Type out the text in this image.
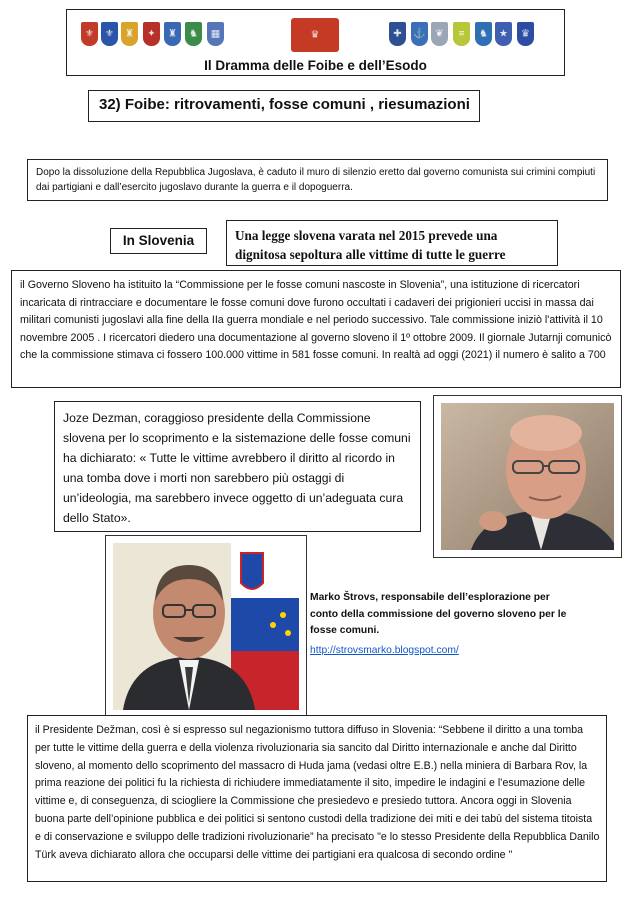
⚜ ⚜ ♜ ✦ ♜ ♞ ▦	♛	✚ ⚓ ❦ ≡ ♞ ★ ♛
Il Dramma delle Foibe e dell’Esodo
32) Foibe: ritrovamenti, fosse comuni , riesumazioni

Dopo la dissoluzione della Repubblica Jugoslava, è caduto il muro di silenzio eretto dal governo comunista sui crimini compiuti dai partigiani e dall’esercito jugoslavo durante la guerra e il dopoguerra.

In Slovenia	Una legge slovena varata nel 2015 prevede una dignitosa sepoltura alle vittime di tutte le guerre

il Governo Sloveno ha istituito la “Commissione per le fosse comuni nascoste in Slovenia”, una istituzione di ricercatori incaricata di rintracciare e documentare le fosse comuni dove furono occultati i cadaveri dei prigionieri uccisi in massa dai militari comunisti jugoslavi alla fine della IIa guerra mondiale e nel periodo successivo. Tale commissione iniziò l'attività il 10 novembre 2005 . I ricercatori diedero una documentazione al governo sloveno il 1º ottobre 2009. Il giornale Jutarnji comunicò che la commissione stimava ci fossero 100.000 vittime in 581 fosse comuni. In realtà ad oggi (2021) il numero è salito a 700

Joze Dezman, coraggioso presidente della Commissione slovena per lo scoprimento e la sistemazione delle fosse comuni ha dichiarato: « Tutte le vittime avrebbero il diritto al ricordo in una tomba dove i morti non sarebbero più ostaggi di un’ideologia, ma sarebbero invece oggetto di un’adeguata cura dello Stato».

Marko Štrovs, responsabile dell’esplorazione per conto della commissione del governo sloveno per le fosse comuni.

http://strovsmarko.blogspot.com/

il Presidente Dežman, così è si espresso sul negazionismo tuttora diffuso in Slovenia: “Sebbene il diritto a una tomba per tutte le vittime della guerra e della violenza rivoluzionaria sia sancito dal Diritto internazionale e anche dal Diritto sloveno, al momento dello scoprimento del massacro di Huda jama (vedasi oltre E.B.) nella miniera di Barbara Rov, la prima reazione dei politici fu la richiesta di richiudere immediatamente il sito, impedire le indagini e l’esumazione delle vittime e, di conseguenza, di sciogliere la Commissione che presiedevo e presiedo tuttora. Ancora oggi in Slovenia buona parte dell’opinione pubblica e dei politici si sentono custodi della tradizione dei miti e dei tabù del sistema titoista e di conservazione e sviluppo delle tradizioni rivoluzionarie” ha precisato "e lo stesso Presidente della Repubblica Danilo Türk aveva dichiarato allora che occuparsi delle vittime dei partigiani era qualcosa di secondo ordine "
